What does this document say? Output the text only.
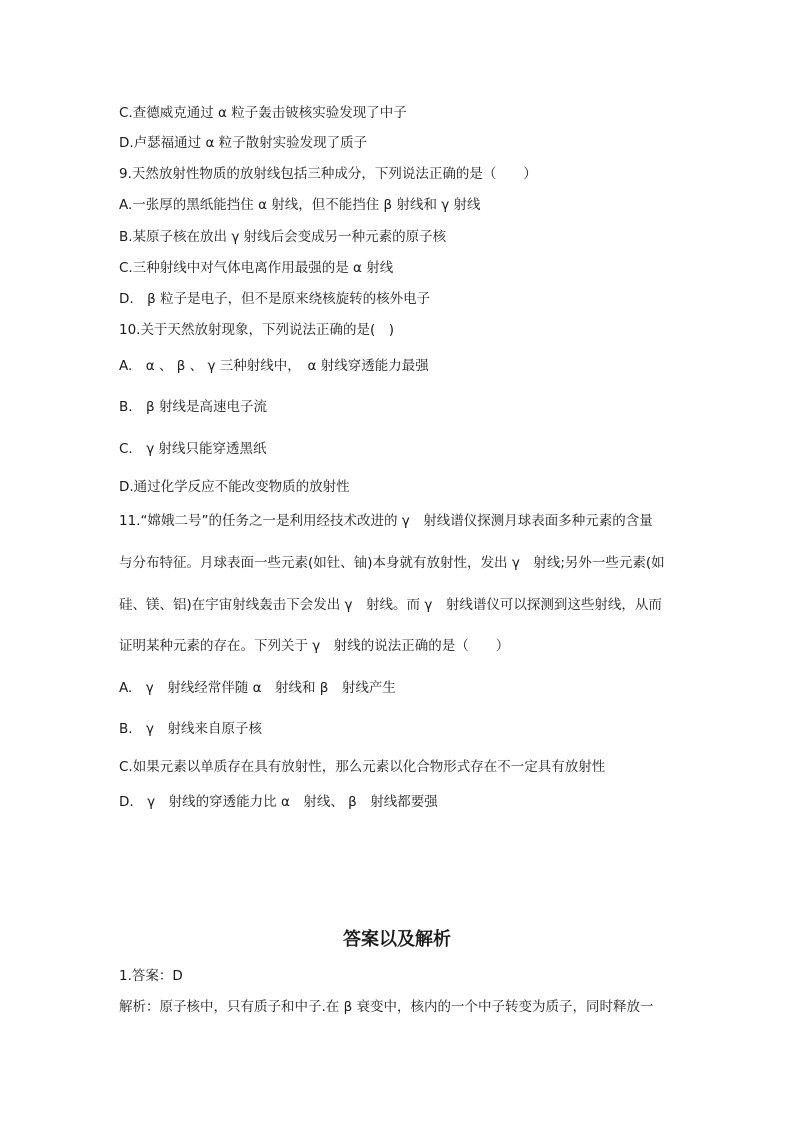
C.查德威克通过 α 粒子轰击铍核实验发现了中子

D.卢瑟福通过 α 粒子散射实验发现了质子

9.天然放射性物质的放射线包括三种成分，下列说法正确的是（　　）

A.一张厚的黑纸能挡住 α 射线，但不能挡住 β 射线和 γ 射线

B.某原子核在放出 γ 射线后会变成另一种元素的原子核

C.三种射线中对气体电离作用最强的是 α 射线

D.　β 粒子是电子，但不是原来绕核旋转的核外电子

10.关于天然放射现象，下列说法正确的是(　)

A.　α 、 β 、 γ 三种射线中，　α 射线穿透能力最强

B.　β 射线是高速电子流

C.　γ 射线只能穿透黑纸

D.通过化学反应不能改变物质的放射性

11.“嫦娥二号”的任务之一是利用经技术改进的 γ　射线谱仪探测月球表面多种元素的含量

与分布特征。月球表面一些元素(如钍、铀)本身就有放射性，发出 γ　射线;另外一些元素(如

硅、镁、铝)在宇宙射线轰击下会发出 γ　射线。而 γ　射线谱仪可以探测到这些射线，从而

证明某种元素的存在。下列关于 γ　射线的说法正确的是（　　）

A.　γ　射线经常伴随 α　射线和 β　射线产生

B.　γ　射线来自原子核

C.如果元素以单质存在具有放射性，那么元素以化合物形式存在不一定具有放射性

D.　γ　射线的穿透能力比 α　射线、 β　射线都要强

答案以及解析

1.答案：D

解析：原子核中，只有质子和中子.在 β 衰变中，核内的一个中子转变为质子，同时释放一
